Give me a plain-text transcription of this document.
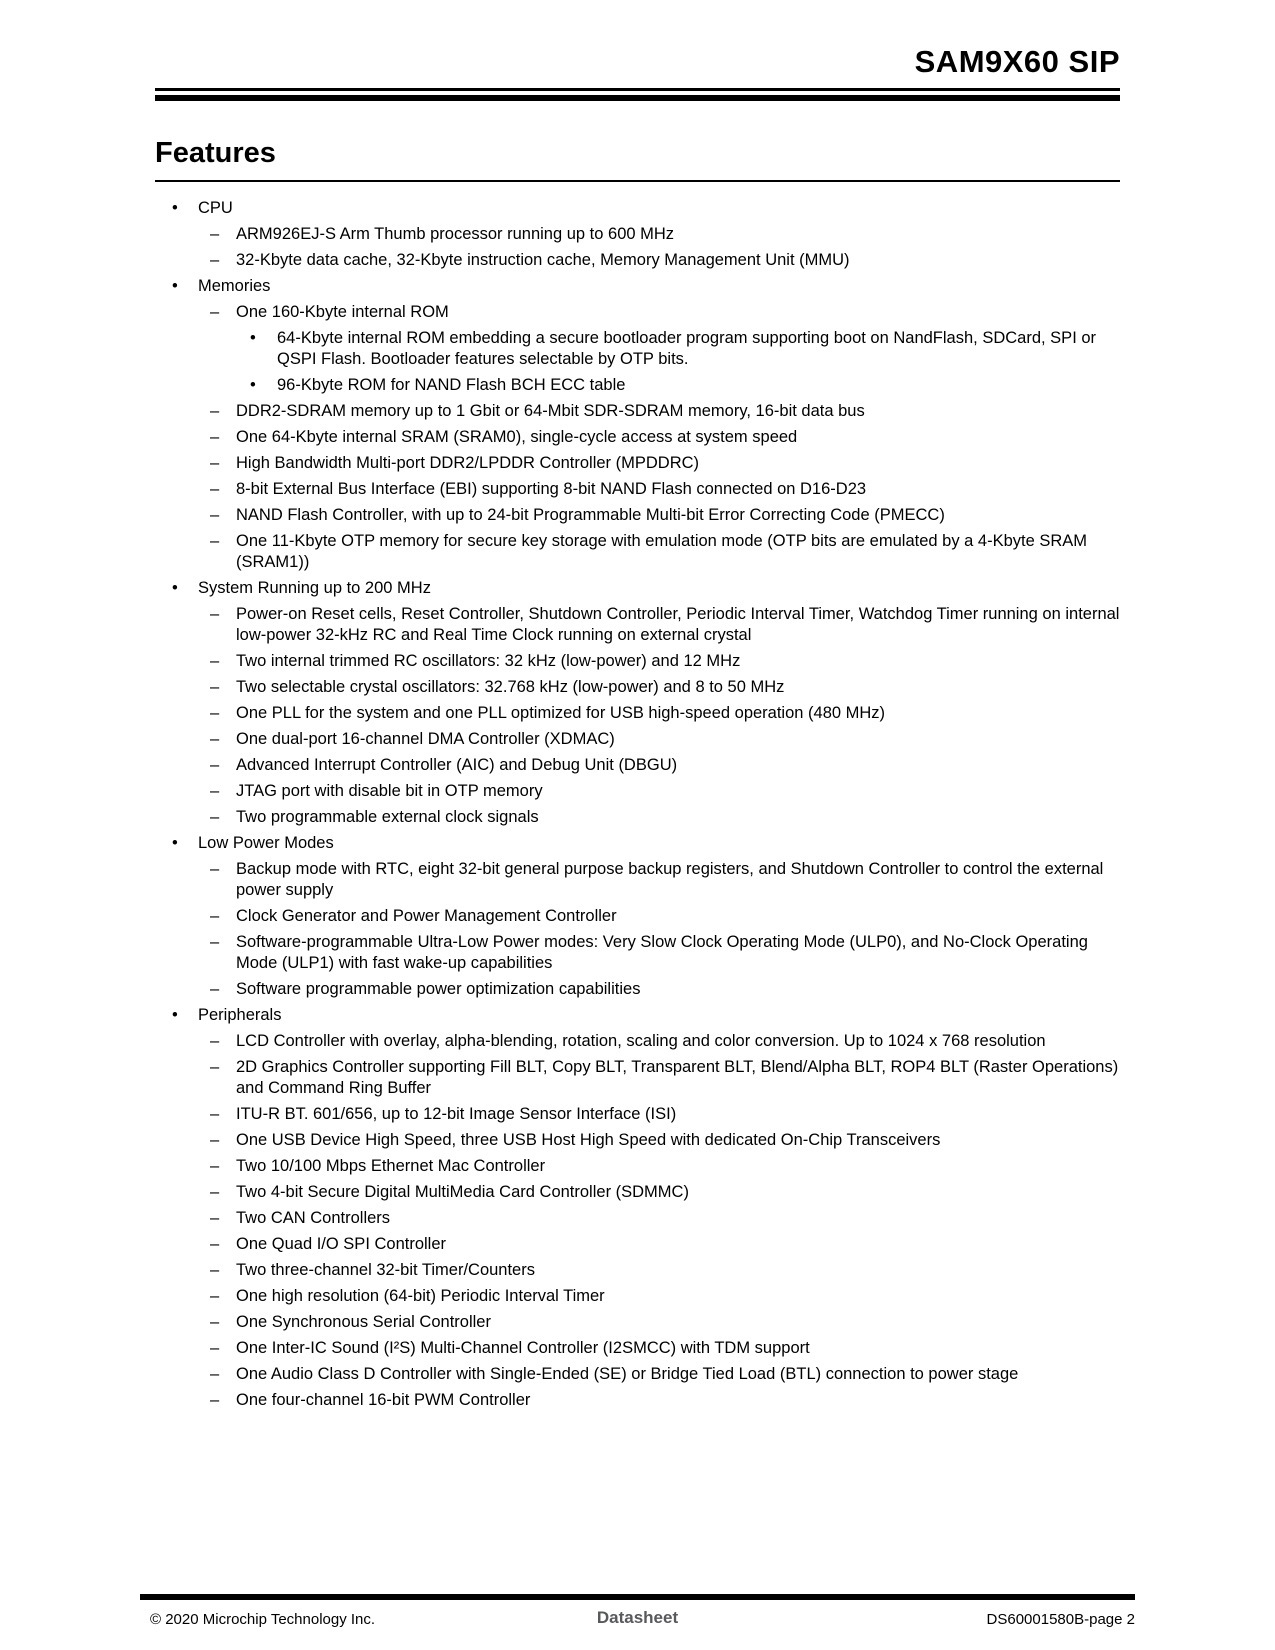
SAM9X60 SIP
Features
•	CPU
–	ARM926EJ-S Arm Thumb processor running up to 600 MHz
–	32-Kbyte data cache, 32-Kbyte instruction cache, Memory Management Unit (MMU)
•	Memories
–	One 160-Kbyte internal ROM
•	64-Kbyte internal ROM embedding a secure bootloader program supporting boot on NandFlash, SDCard, SPI or QSPI Flash. Bootloader features selectable by OTP bits.
•	96-Kbyte ROM for NAND Flash BCH ECC table
–	DDR2-SDRAM memory up to 1 Gbit or 64-Mbit SDR-SDRAM memory, 16-bit data bus
–	One 64-Kbyte internal SRAM (SRAM0), single-cycle access at system speed
–	High Bandwidth Multi-port DDR2/LPDDR Controller (MPDDRC)
–	8-bit External Bus Interface (EBI) supporting 8-bit NAND Flash connected on D16-D23
–	NAND Flash Controller, with up to 24-bit Programmable Multi-bit Error Correcting Code (PMECC)
–	One 11-Kbyte OTP memory for secure key storage with emulation mode (OTP bits are emulated by a 4-Kbyte SRAM (SRAM1))
•	System Running up to 200 MHz
–	Power-on Reset cells, Reset Controller, Shutdown Controller, Periodic Interval Timer, Watchdog Timer running on internal low-power 32-kHz RC and Real Time Clock running on external crystal
–	Two internal trimmed RC oscillators: 32 kHz (low-power) and 12 MHz
–	Two selectable crystal oscillators: 32.768 kHz (low-power) and 8 to 50 MHz
–	One PLL for the system and one PLL optimized for USB high-speed operation (480 MHz)
–	One dual-port 16-channel DMA Controller (XDMAC)
–	Advanced Interrupt Controller (AIC) and Debug Unit (DBGU)
–	JTAG port with disable bit in OTP memory
–	Two programmable external clock signals
•	Low Power Modes
–	Backup mode with RTC, eight 32-bit general purpose backup registers, and Shutdown Controller to control the external power supply
–	Clock Generator and Power Management Controller
–	Software-programmable Ultra-Low Power modes: Very Slow Clock Operating Mode (ULP0), and No-Clock Operating Mode (ULP1) with fast wake-up capabilities
–	Software programmable power optimization capabilities
•	Peripherals
–	LCD Controller with overlay, alpha-blending, rotation, scaling and color conversion. Up to 1024 x 768 resolution
–	2D Graphics Controller supporting Fill BLT, Copy BLT, Transparent BLT, Blend/Alpha BLT, ROP4 BLT (Raster Operations) and Command Ring Buffer
–	ITU-R BT. 601/656, up to 12-bit Image Sensor Interface (ISI)
–	One USB Device High Speed, three USB Host High Speed with dedicated On-Chip Transceivers
–	Two 10/100 Mbps Ethernet Mac Controller
–	Two 4-bit Secure Digital MultiMedia Card Controller (SDMMC)
–	Two CAN Controllers
–	One Quad I/O SPI Controller
–	Two three-channel 32-bit Timer/Counters
–	One high resolution (64-bit) Periodic Interval Timer
–	One Synchronous Serial Controller
–	One Inter-IC Sound (I²S) Multi-Channel Controller (I2SMCC) with TDM support
–	One Audio Class D Controller with Single-Ended (SE) or Bridge Tied Load (BTL) connection to power stage
–	One four-channel 16-bit PWM Controller
© 2020 Microchip Technology Inc.	Datasheet	DS60001580B-page 2
